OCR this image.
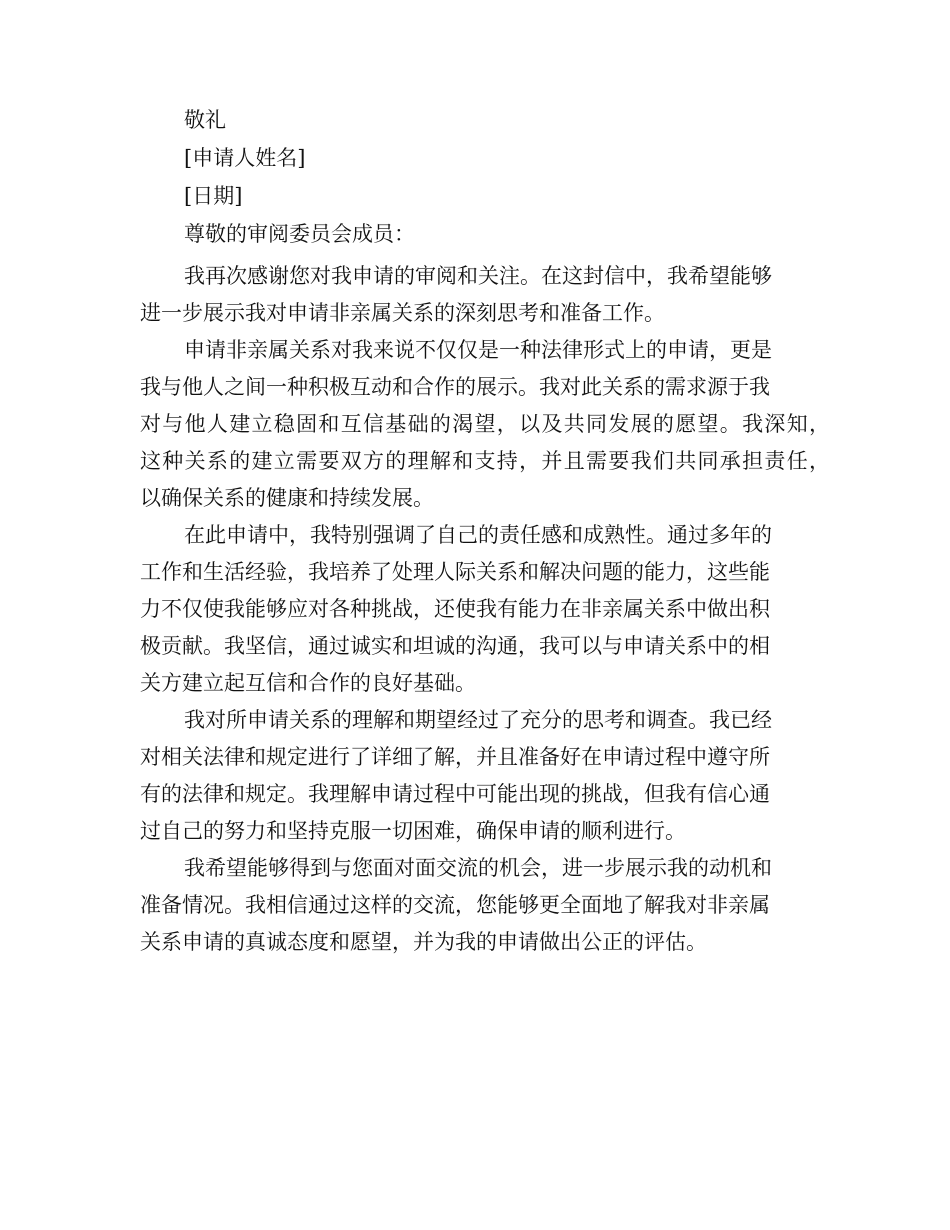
敬礼
[申请人姓名]
[日期]
尊敬的审阅委员会成员：
我再次感谢您对我申请的审阅和关注。在这封信中，我希望能够
进一步展示我对申请非亲属关系的深刻思考和准备工作。
申请非亲属关系对我来说不仅仅是一种法律形式上的申请，更是
我与他人之间一种积极互动和合作的展示。我对此关系的需求源于我
对与他人建立稳固和互信基础的渴望，以及共同发展的愿望。我深知，
这种关系的建立需要双方的理解和支持，并且需要我们共同承担责任，
以确保关系的健康和持续发展。
在此申请中，我特别强调了自己的责任感和成熟性。通过多年的
工作和生活经验，我培养了处理人际关系和解决问题的能力，这些能
力不仅使我能够应对各种挑战，还使我有能力在非亲属关系中做出积
极贡献。我坚信，通过诚实和坦诚的沟通，我可以与申请关系中的相
关方建立起互信和合作的良好基础。
我对所申请关系的理解和期望经过了充分的思考和调查。我已经
对相关法律和规定进行了详细了解，并且准备好在申请过程中遵守所
有的法律和规定。我理解申请过程中可能出现的挑战，但我有信心通
过自己的努力和坚持克服一切困难，确保申请的顺利进行。
我希望能够得到与您面对面交流的机会，进一步展示我的动机和
准备情况。我相信通过这样的交流，您能够更全面地了解我对非亲属
关系申请的真诚态度和愿望，并为我的申请做出公正的评估。
